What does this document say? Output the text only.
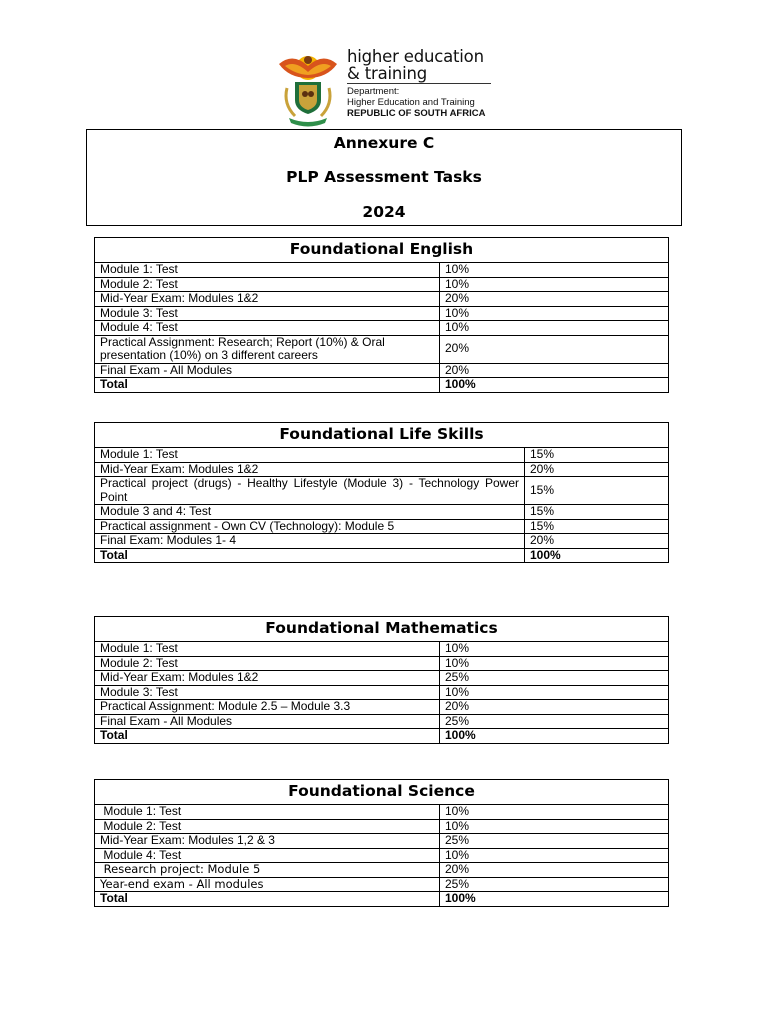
higher education
& training
Department:
Higher Education and Training
REPUBLIC OF SOUTH AFRICA
Annexure C
PLP Assessment Tasks
2024
Foundational English	
Module 1: Test	10%
Module 2: Test	10%
Mid-Year Exam: Modules 1&2	20%
Module 3: Test	10%
Module 4: Test	10%
Practical Assignment: Research; Report (10%) & Oral presentation (10%) on 3 different careers	20%
Final Exam - All Modules	20%
Total	100%
Foundational Life Skills	
Module 1: Test	15%
Mid-Year Exam: Modules 1&2	20%
Practical project (drugs) - Healthy Lifestyle (Module 3) - Technology Power Point	15%
Module 3 and 4: Test	15%
Practical assignment - Own CV (Technology): Module 5	15%
Final Exam: Modules 1- 4	20%
Total	100%
Foundational Mathematics	
Module 1: Test	10%
Module 2: Test	10%
Mid-Year Exam: Modules 1&2	25%
Module 3: Test	10%
Practical Assignment: Module 2.5 – Module 3.3	20%
Final Exam - All Modules	25%
Total	100%
Foundational Science	
Module 1: Test	10%
Module 2: Test	10%
Mid-Year Exam: Modules 1,2 & 3	25%
Module 4: Test	10%
Research project: Module 5	20%
Year-end exam - All modules	25%
Total	100%
